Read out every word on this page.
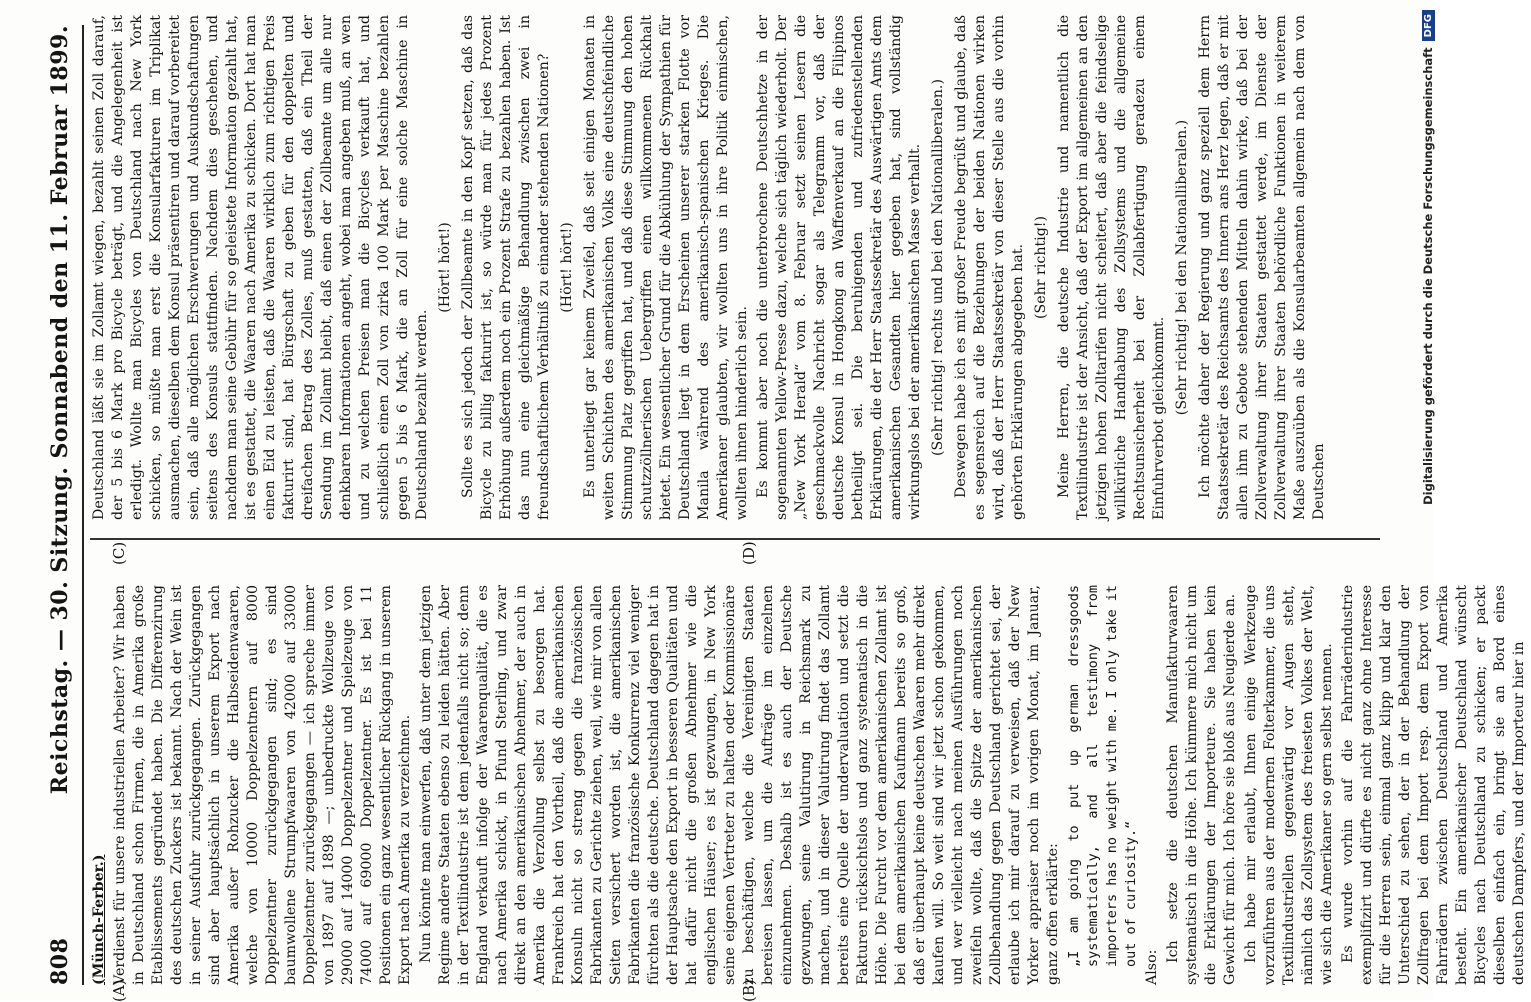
808
Reichstag. — 30. Sitzung. Sonnabend den 11. Februar 1899.
(A)	(B)
(C)	(D)

(Münch-Ferber.) Verdienst für unsere industriellen Arbeiter? Wir haben in Deutschland schon Firmen, die in Amerika große Etablissements gegründet haben. Die Differenzirung des deutschen Zuckers ist bekannt. Nach der Wein ist in seiner Ausfuhr zurückgegangen. Zurückgegangen sind aber hauptsächlich in unserem Export nach Amerika außer Rohzucker die Halbseidenwaaren, welche von 10000 Doppelzentnern auf 8000 Doppelzentner zurückgegangen sind; es sind baumwollene Strumpfwaaren von 42000 auf 33000 Doppelzentner zurückgegangen — ich spreche immer von 1897 auf 1898 —; unbedruckte Wollzeuge von 29000 auf 14000 Doppelzentner und Spielzeuge von 74000 auf 69000 Doppelzentner. Es ist bei 11 Positionen ein ganz wesentlicher Rückgang in unserem Export nach Amerika zu verzeichnen. Nun könnte man einwerfen, daß unter dem jetzigen Regime andere Staaten ebenso zu leiden hätten. Aber in der Textilindustrie ist dem jedenfalls nicht so; denn England verkauft infolge der Waarenqualität, die es nach Amerika schickt, in Pfund Sterling, und zwar direkt an den amerikanischen Abnehmer, der auch in Amerika die Verzollung selbst zu besorgen hat. Frankreich hat den Vortheil, daß die amerikanischen Konsuln nicht so streng gegen die französischen Fabrikanten zu Gerichte ziehen, weil, wie mir von allen Seiten versichert worden ist, die amerikanischen Fabrikanten die französische Konkurrenz viel weniger fürchten als die deutsche. Deutschland dagegen hat in der Hauptsache den Export in besseren Qualitäten und hat dafür nicht die großen Abnehmer wie die englischen Häuser; es ist gezwungen, in New York seine eigenen Vertreter zu halten oder Kommissionäre zu beschäftigen, welche die Vereinigten Staaten bereisen lassen, um die Aufträge im einzelnen einzunehmen. Deshalb ist es auch der Deutsche gezwungen, seine Valutirung in Reichsmark zu machen, und in dieser Valutirung findet das Zollamt bereits eine Quelle der undervaluation und setzt die Fakturen rücksichtslos und ganz systematisch in die Höhe. Die Furcht vor dem amerikanischen Zollamt ist bei dem amerikanischen Kaufmann bereits so groß, daß er überhaupt keine deutschen Waaren mehr direkt kaufen will. So weit sind wir jetzt schon gekommen, und wer vielleicht nach meinen Ausführungen noch zweifeln wollte, daß die Spitze der amerikanischen Zollbehandlung gegen Deutschland gerichtet sei, der erlaube ich mir darauf zu verweisen, daß der New Yorker appraiser noch im vorigen Monat, im Januar, ganz offen erklärte: „I am going to put up german dressgoods systematically, and all testimony from importers has no weight with me. I only take it out of curiosity.“

Also:

Ich setze die deutschen Manufakturwaaren systematisch in die Höhe. Ich kümmere mich nicht um die Erklärungen der Importeure. Sie haben kein Gewicht für mich. Ich höre sie bloß aus Neugierde an. Ich habe mir erlaubt, Ihnen einige Werkzeuge vorzuführen aus der modernen Folterkammer, die uns Textilindustriellen gegenwärtig vor Augen steht, nämlich das Zollsystem des freiesten Volkes der Welt, wie sich die Amerikaner so gern selbst nennen. Es wurde vorhin auf die Fahrräderindustrie exemplifizirt und dürfte es nicht ganz ohne Interesse für die Herren sein, einmal ganz klipp und klar den Unterschied zu sehen, der in der Behandlung der Zollfragen bei dem Import resp. dem Export von Fahrrädern zwischen Deutschland und Amerika besteht. Ein amerikanischer Deutschland wünscht Bicycles nach Deutschland zu schicken; er packt dieselben einfach ein, bringt sie an Bord eines deutschen Dampfers, und der Importeur hier in

Deutschland läßt sie im Zollamt wiegen, bezahlt seinen Zoll darauf, der 5 bis 6 Mark pro Bicycle beträgt, und die Angelegenheit ist erledigt. Wollte man Bicycles von Deutschland nach New York schicken, so müßte man erst die Konsularfakturen im Triplikat ausmachen, dieselben dem Konsul präsentiren und darauf vorbereitet sein, daß alle möglichen Erschwerungen und Auskundschaftungen seitens des Konsuls stattfinden. Nachdem dies geschehen, und nachdem man seine Gebühr für so geleistete Information gezahlt hat, ist es gestattet, die Waaren nach Amerika zu schicken. Dort hat man einen Eid zu leisten, daß die Waaren wirklich zum richtigen Preis fakturirt sind, hat Bürgschaft zu geben für den doppelten und dreifachen Betrag des Zolles, muß gestatten, daß ein Theil der Sendung im Zollamt bleibt, daß einen der Zollbeamte um alle nur denkbaren Informationen angeht, wobei man angeben muß, an wen und zu welchen Preisen man die Bicycles verkauft hat, und schließlich einen Zoll von zirka 100 Mark per Maschine bezahlen gegen 5 bis 6 Mark, die an Zoll für eine solche Maschine in Deutschland bezahlt werden.

(Hört! hört!) Sollte es sich jedoch der Zollbeamte in den Kopf setzen, daß das Bicycle zu billig fakturirt ist, so würde man für jedes Prozent Erhöhung außerdem noch ein Prozent Strafe zu bezahlen haben. Ist das nun eine gleichmäßige Behandlung zwischen zwei in freundschaftlichem Verhältniß zu einander stehenden Nationen? (Hört! hört!) Es unterliegt gar keinem Zweifel, daß seit einigen Monaten in weiten Schichten des amerikanischen Volks eine deutschfeindliche Stimmung Platz gegriffen hat, und daß diese Stimmung den hohen schutzzöllnerischen Uebergriffen einen willkommenen Rückhalt bietet. Ein wesentlicher Grund für die Abkühlung der Sympathien für Deutschland liegt in dem Erscheinen unserer starken Flotte vor Manila während des amerikanisch-spanischen Krieges. Die Amerikaner glaubten, wir wollten uns in ihre Politik einmischen, wollten ihnen hinderlich sein. Es kommt aber noch die unterbrochene Deutschhetze in der sogenannten Yellow-Presse dazu, welche sich täglich wiederholt. Der „New York Herald“ vom 8. Februar setzt seinen Lesern die geschmackvolle Nachricht sogar als Telegramm vor, daß der deutsche Konsul in Hongkong an Waffenverkauf an die Filipinos betheiligt sei. Die beruhigenden und zufriedenstellenden Erklärungen, die der Herr Staatssekretär des Auswärtigen Amts dem amerikanischen Gesandten hier gegeben hat, sind vollständig wirkungslos bei der amerikanischen Masse verhallt. (Sehr richtig! rechts und bei den Nationalliberalen.) Deswegen habe ich es mit großer Freude begrüßt und glaube, daß es segensreich auf die Beziehungen der beiden Nationen wirken wird, daß der Herr Staatssekretär von dieser Stelle aus die vorhin gehörten Erklärungen abgegeben hat. (Sehr richtig!) Meine Herren, die deutsche Industrie und namentlich die Textilindustrie ist der Ansicht, daß der Export im allgemeinen an den jetzigen hohen Zolltarifen nicht scheitert, daß aber die feindselige willkürliche Handhabung des Zollsystems und die allgemeine Rechtsunsicherheit bei der Zollabfertigung geradezu einem Einfuhrverbot gleichkommt.

(Sehr richtig! bei den Nationalliberalen.) Ich möchte daher der Regierung und ganz speziell dem Herrn Staatssekretär des Reichsamts des Innern ans Herz legen, daß er mit allen ihm zu Gebote stehenden Mitteln dahin wirke, daß bei der Zollverwaltung ihrer Staaten gestattet werde, im Dienste der Zollverwaltung ihrer Staaten behördliche Funktionen in weiterem Maße auszuüben als die Konsularbeamten allgemein nach dem von Deutschen	Digitalisierung gefördert durch die Deutsche Forschungsgemeinschaft
DFG
